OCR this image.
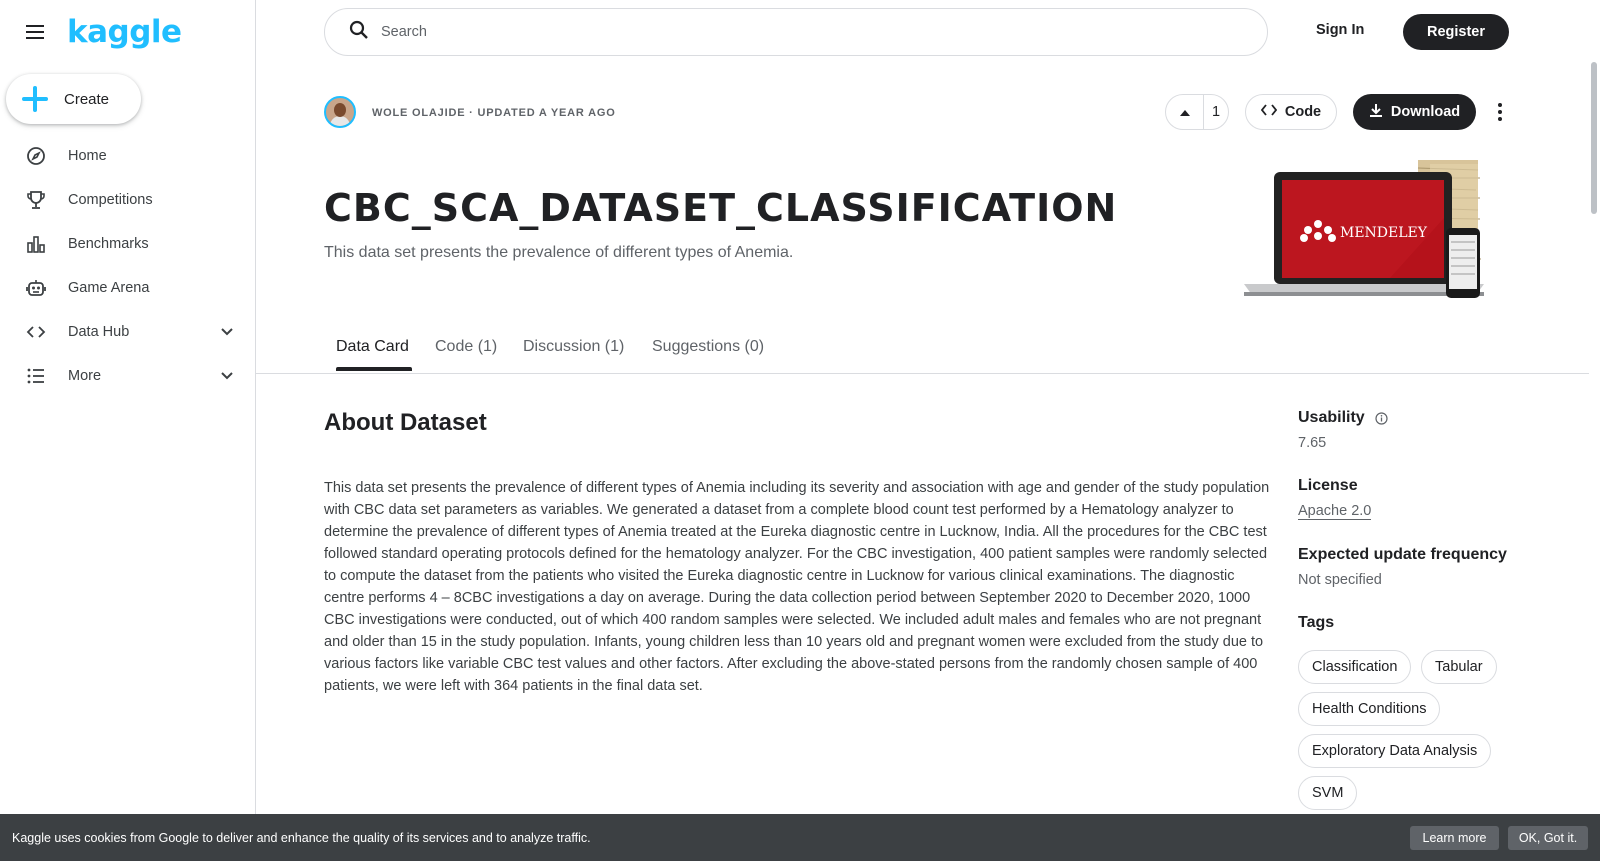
kaggle
Create
Home
Competitions
Benchmarks
Game Arena
Data Hub
More
Search	Sign In	Register
WOLE OLAJIDE · UPDATED A YEAR AGO	1	Code	Download
CBC_SCA_DATASET_CLASSIFICATION

This data set presents the prevalence of different types of Anemia.

MENDELEY
Data Card Code (1) Discussion (1) Suggestions (0)
About Dataset

This data set presents the prevalence of different types of Anemia including its severity and association with age and gender of the study population with CBC data set parameters as variables. We generated a dataset from a complete blood count test performed by a Hematology analyzer to determine the prevalence of different types of Anemia treated at the Eureka diagnostic centre in Lucknow, India. All the procedures for the CBC test followed standard operating protocols defined for the hematology analyzer. For the CBC investigation, 400 patient samples were randomly selected to compute the dataset from the patients who visited the Eureka diagnostic centre in Lucknow for various clinical examinations. The diagnostic centre performs 4 – 8CBC investigations a day on average. During the data collection period between September 2020 to December 2020, 1000 CBC investigations were conducted, out of which 400 random samples were selected. We included adult males and females who are not pregnant and older than 15 in the study population. Infants, young children less than 10 years old and pregnant women were excluded from the study due to various factors like variable CBC test values and other factors. After excluding the above-stated persons from the randomly chosen sample of 400 patients, we were left with 364 patients in the final data set.

Usability
7.65
License
Apache 2.0
Expected update frequency
Not specified
Tags
Classification	Tabular
Health Conditions
Exploratory Data Analysis
SVM
Kaggle uses cookies from Google to deliver and enhance the quality of its services and to analyze traffic.	Learn more	OK, Got it.
